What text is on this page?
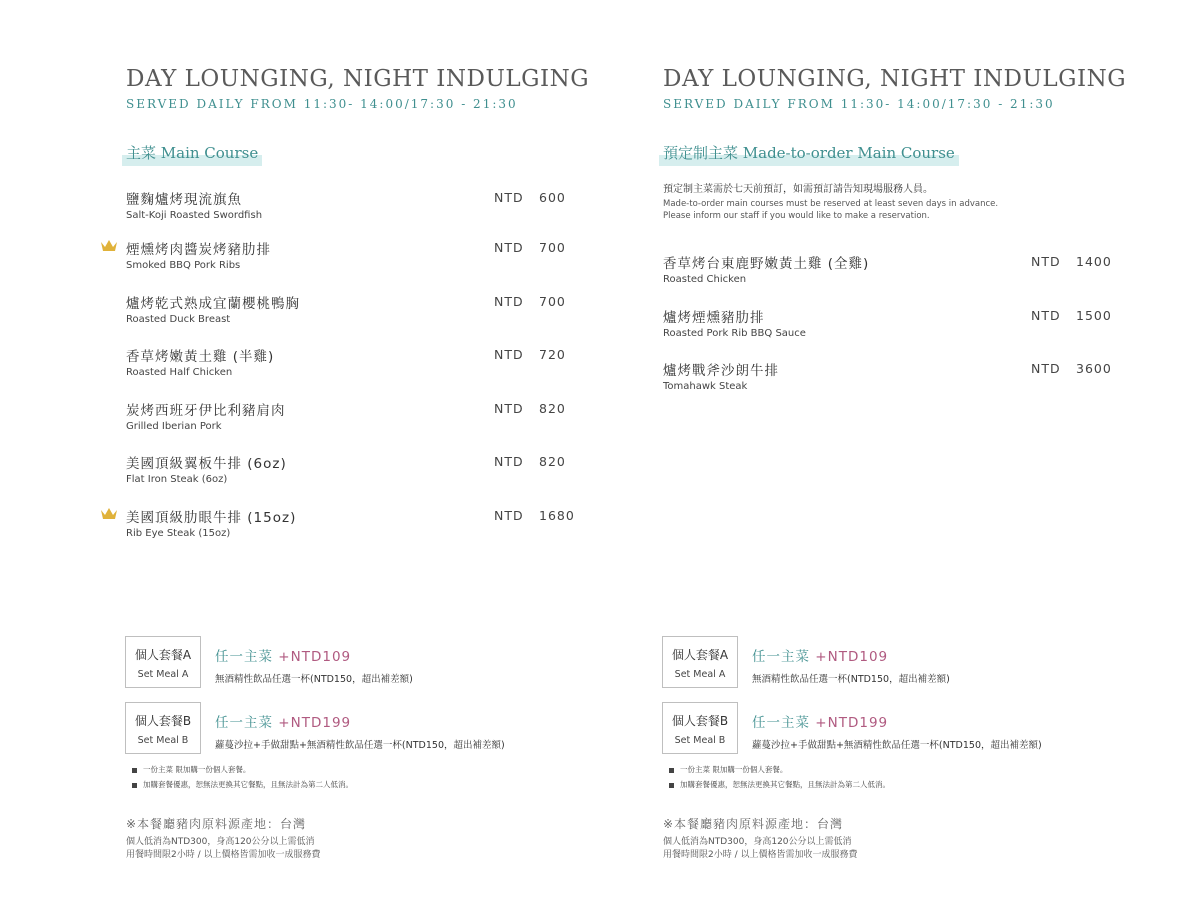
DAY LOUNGING, NIGHT INDULGING
SERVED DAILY FROM 11:30- 14:00/17:30 - 21:30
主菜 Main Course
鹽麴爐烤現流旗魚
Salt-Koji Roasted Swordfish
NTD 600
煙燻烤肉醬炭烤豬肋排
Smoked BBQ Pork Ribs
NTD 700
爐烤乾式熟成宜蘭櫻桃鴨胸
Roasted Duck Breast
NTD 700
香草烤嫩黃土雞 (半雞)
Roasted Half Chicken
NTD 720
炭烤西班牙伊比利豬肩肉
Grilled Iberian Pork
NTD 820
美國頂級翼板牛排 (6oz)
Flat Iron Steak (6oz)
NTD 820
美國頂級肋眼牛排 (15oz)
Rib Eye Steak (15oz)
NTD 1680
個人套餐A
Set Meal A
任一主菜 +NTD109
無酒精性飲品任選一杯(NTD150，超出補差額)
個人套餐B
Set Meal B
任一主菜 +NTD199
蘿蔓沙拉+手做甜點+無酒精性飲品任選一杯(NTD150，超出補差額)
一份主菜 限加購一份個人套餐。
加購套餐優惠，恕無法更換其它餐點，且無法計為第二人低消。
※本餐廳豬肉原料源產地：台灣
個人低消為NTD300，身高120公分以上需低消
用餐時間限2小時 / 以上價格皆需加收一成服務費
DAY LOUNGING, NIGHT INDULGING
SERVED DAILY FROM 11:30- 14:00/17:30 - 21:30
預定制主菜 Made-to-order Main Course
預定制主菜需於七天前預訂，如需預訂請告知現場服務人員。
Made-to-order main courses must be reserved at least seven days in advance.
Please inform our staff if you would like to make a reservation.
香草烤台東鹿野嫩黃土雞 (全雞)
Roasted Chicken
NTD 1400
爐烤煙燻豬肋排
Roasted Pork Rib BBQ Sauce
NTD 1500
爐烤戰斧沙朗牛排
Tomahawk Steak
NTD 3600
個人套餐A
Set Meal A
任一主菜 +NTD109
無酒精性飲品任選一杯(NTD150，超出補差額)
個人套餐B
Set Meal B
任一主菜 +NTD199
蘿蔓沙拉+手做甜點+無酒精性飲品任選一杯(NTD150，超出補差額)
一份主菜 限加購一份個人套餐。
加購套餐優惠，恕無法更換其它餐點，且無法計為第二人低消。
※本餐廳豬肉原料源產地：台灣
個人低消為NTD300，身高120公分以上需低消
用餐時間限2小時 / 以上價格皆需加收一成服務費
